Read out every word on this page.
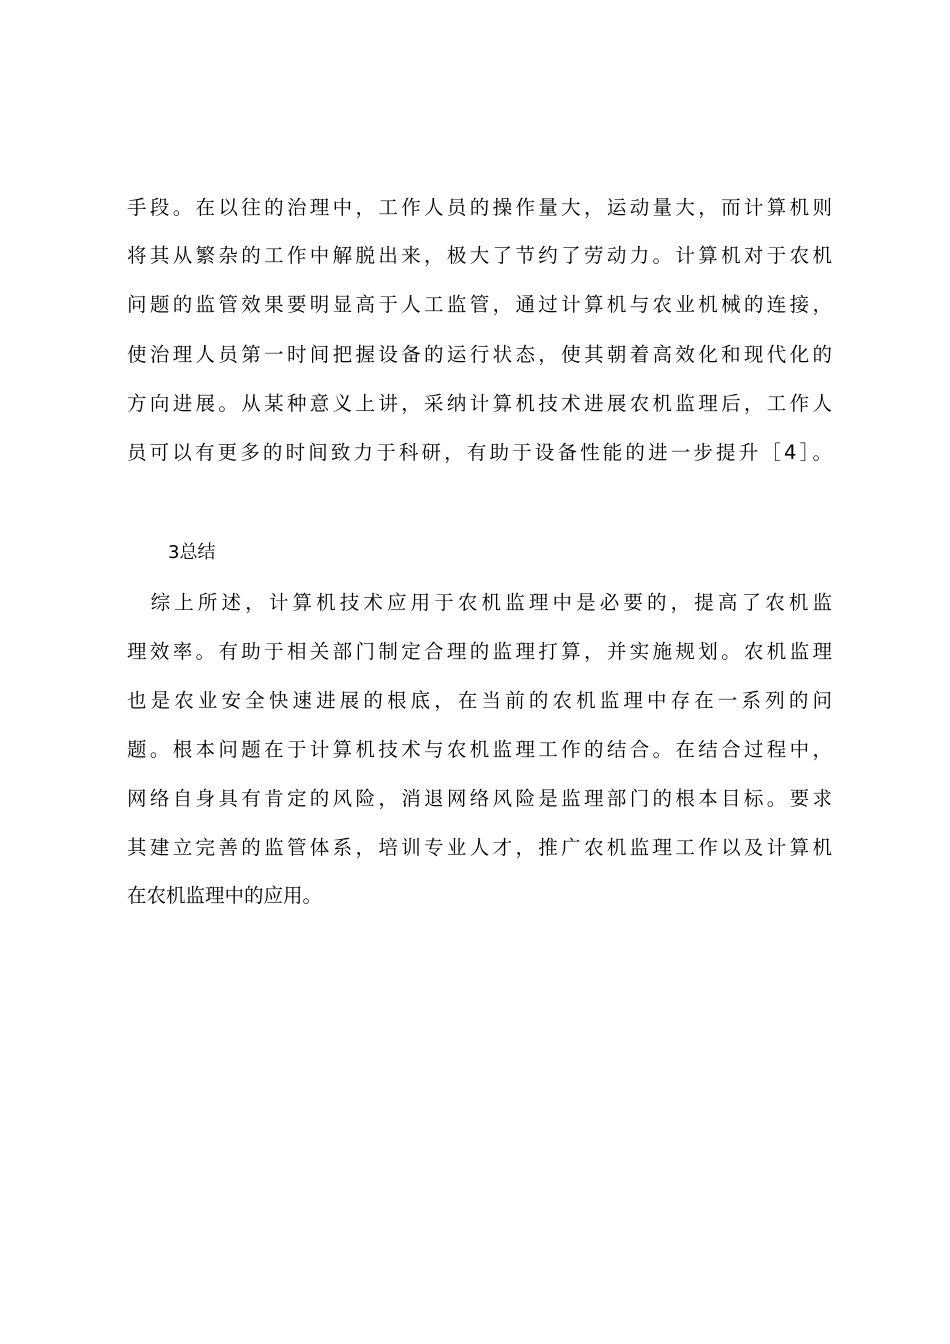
手段。在以往的治理中，工作人员的操作量大，运动量大，而计算机则
将其从繁杂的工作中解脱出来，极大了节约了劳动力。计算机对于农机
问题的监管效果要明显高于人工监管，通过计算机与农业机械的连接，
使治理人员第一时间把握设备的运行状态，使其朝着高效化和现代化的
方向进展。从某种意义上讲，采纳计算机技术进展农机监理后，工作人
员可以有更多的时间致力于科研，有助于设备性能的进一步提升［4］。
3总结
　综上所述，计算机技术应用于农机监理中是必要的，提高了农机监
理效率。有助于相关部门制定合理的监理打算，并实施规划。农机监理
也是农业安全快速进展的根底，在当前的农机监理中存在一系列的问
题。根本问题在于计算机技术与农机监理工作的结合。在结合过程中，
网络自身具有肯定的风险，消退网络风险是监理部门的根本目标。要求
其建立完善的监管体系，培训专业人才，推广农机监理工作以及计算机
在农机监理中的应用。
